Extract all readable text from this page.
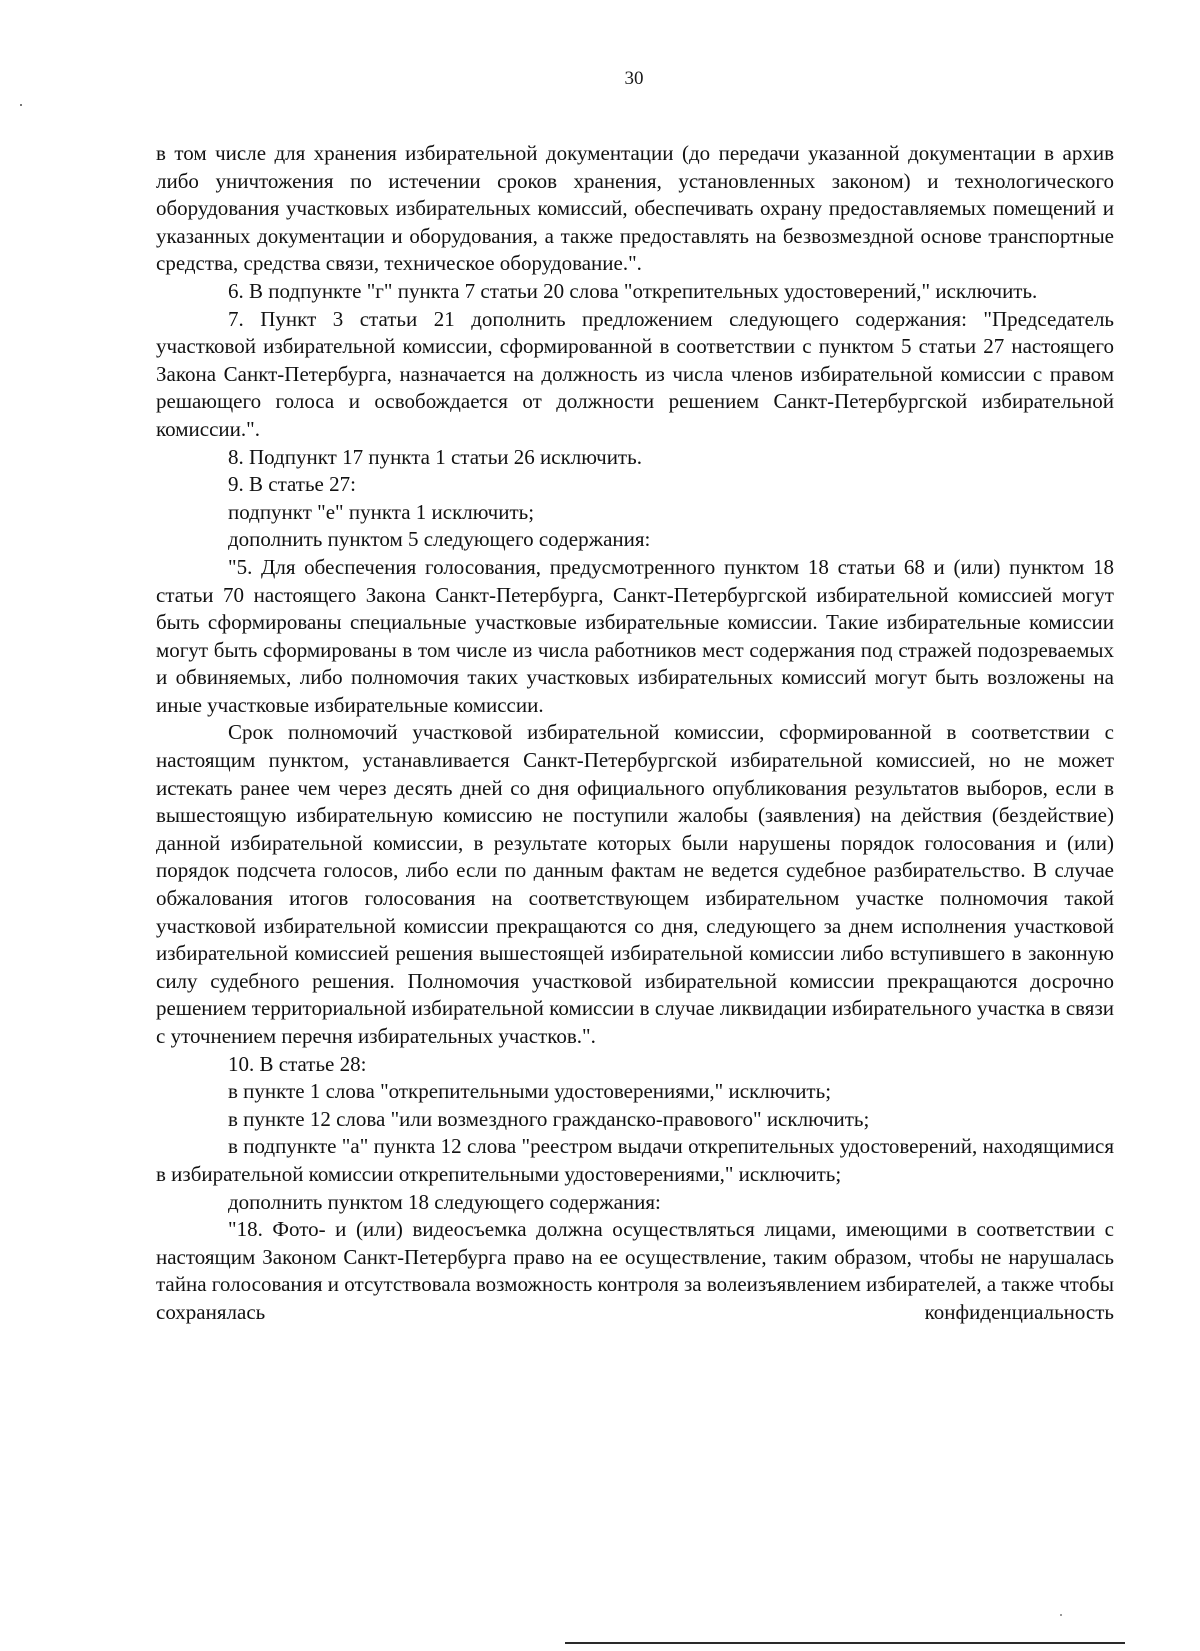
30

в том числе для хранения избирательной документации (до передачи указанной документации в архив либо уничтожения по истечении сроков хранения, установленных законом) и технологического оборудования участковых избирательных комиссий, обеспечивать охрану предоставляемых помещений и указанных документации и оборудования, а также предоставлять на безвозмездной основе транспортные средства, средства связи, техническое оборудование.".

6. В подпункте "г" пункта 7 статьи 20 слова "открепительных удостоверений," исключить.

7. Пункт 3 статьи 21 дополнить предложением следующего содержания: "Председатель участковой избирательной комиссии, сформированной в соответствии с пунктом 5 статьи 27 настоящего Закона Санкт-Петербурга, назначается на должность из числа членов избирательной комиссии с правом решающего голоса и освобождается от должности решением Санкт-Петербургской избирательной комиссии.".

8. Подпункт 17 пункта 1 статьи 26 исключить.

9. В статье 27:

подпункт "е" пункта 1 исключить;

дополнить пунктом 5 следующего содержания:

"5. Для обеспечения голосования, предусмотренного пунктом 18 статьи 68 и (или) пунктом 18 статьи 70 настоящего Закона Санкт-Петербурга, Санкт-Петербургской избирательной комиссией могут быть сформированы специальные участковые избирательные комиссии. Такие избирательные комиссии могут быть сформированы в том числе из числа работников мест содержания под стражей подозреваемых и обвиняемых, либо полномочия таких участковых избирательных комиссий могут быть возложены на иные участковые избирательные комиссии.

Срок полномочий участковой избирательной комиссии, сформированной в соответствии с настоящим пунктом, устанавливается Санкт-Петербургской избирательной комиссией, но не может истекать ранее чем через десять дней со дня официального опубликования результатов выборов, если в вышестоящую избирательную комиссию не поступили жалобы (заявления) на действия (бездействие) данной избирательной комиссии, в результате которых были нарушены порядок голосования и (или) порядок подсчета голосов, либо если по данным фактам не ведется судебное разбирательство. В случае обжалования итогов голосования на соответствующем избирательном участке полномочия такой участковой избирательной комиссии прекращаются со дня, следующего за днем исполнения участковой избирательной комиссией решения вышестоящей избирательной комиссии либо вступившего в законную силу судебного решения. Полномочия участковой избирательной комиссии прекращаются досрочно решением территориальной избирательной комиссии в случае ликвидации избирательного участка в связи с уточнением перечня избирательных участков.".

10. В статье 28:

в пункте 1 слова "открепительными удостоверениями," исключить;

в пункте 12 слова "или возмездного гражданско-правового" исключить;

в подпункте "а" пункта 12 слова "реестром выдачи открепительных удостоверений, находящимися в избирательной комиссии открепительными удостоверениями," исключить;

дополнить пунктом 18 следующего содержания:

"18. Фото- и (или) видеосъемка должна осуществляться лицами, имеющими в соответствии с настоящим Законом Санкт-Петербурга право на ее осуществление, таким образом, чтобы не нарушалась тайна голосования и отсутствовала возможность контроля за волеизъявлением избирателей, а также чтобы сохранялась конфиденциальность
